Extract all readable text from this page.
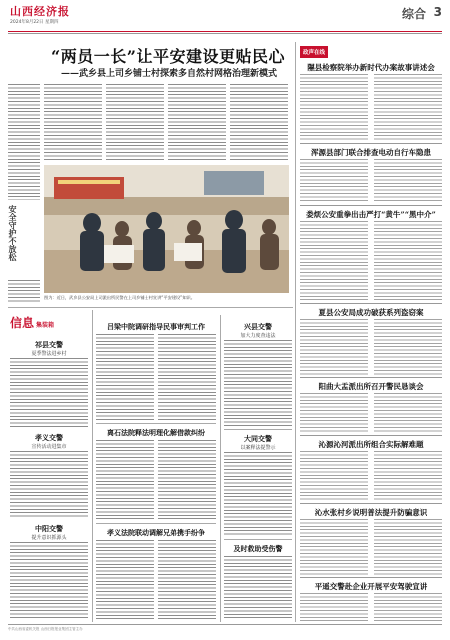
山西经济报
2024年8月22日 星期四
综合 3
“两员一长”让平安建设更贴民心
——武乡县上司乡铺士村探索多自然村网格治理新模式
安全守护不放松
图为：近日，武乡县公安局上司派出所民警在上司乡铺士村宣讲“平安建设”知识。
政声在线
隰县检察院举办新时代办案故事讲述会
浑源县部门联合排查电动自行车隐患
娄烦公安重拳出击严打“黄牛”“黑中介”
夏县公安局成功破获系列盗窃案
阳曲大盂派出所召开警民恳谈会
沁源沁河派出所组合实际解难题
沁水张村乡说明普法提升防骗意识
平遥交警赴企业开展平安驾驶宣讲
信息 集装箱
祁县交警
夏季警法进乡村
孝义交警
宣传活动进集市
中阳交警
提升意识抓源头
吕梁中院调研指导民事审判工作
离石法院释法明理化解借款纠纷
孝义法院联动调解兄弟携手纷争
兴县交警
加大力度查违法
大同交警
以案释法提警示
及时救助受伤警
中共山西省委机关报 山西日报报业集团主管主办
